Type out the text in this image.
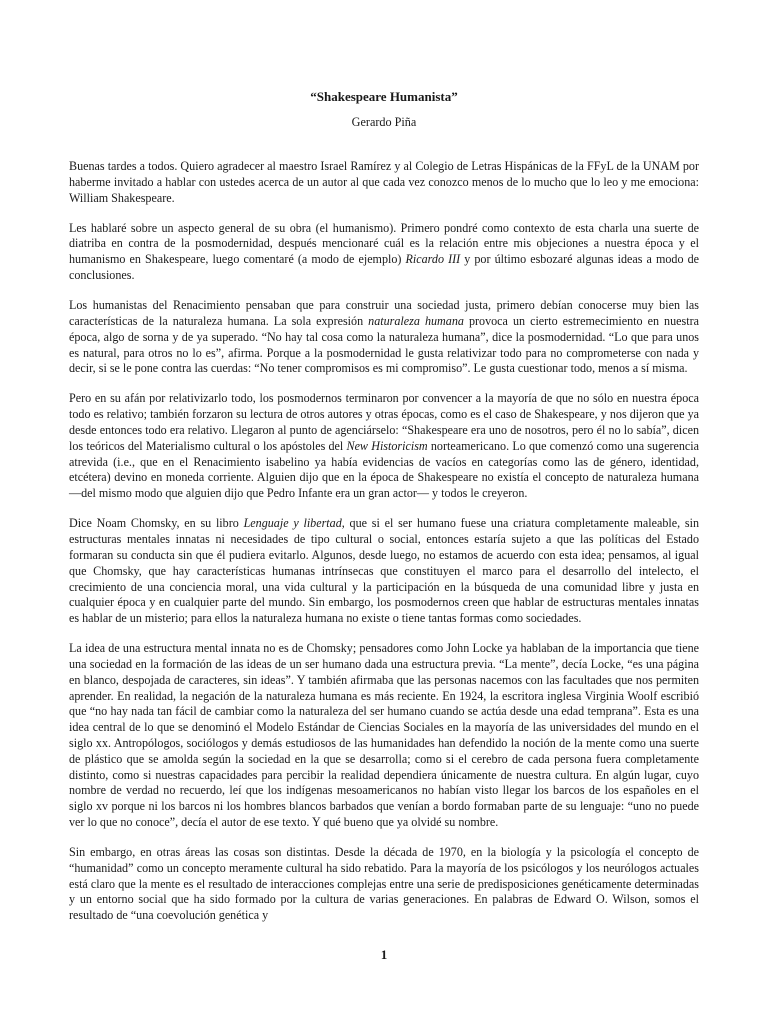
“Shakespeare Humanista”

Gerardo Piña

Buenas tardes a todos. Quiero agradecer al maestro Israel Ramírez y al Colegio de Letras Hispánicas de la FFyL de la UNAM por haberme invitado a hablar con ustedes acerca de un autor al que cada vez conozco menos de lo mucho que lo leo y me emociona: William Shakespeare.

Les hablaré sobre un aspecto general de su obra (el humanismo). Primero pondré como contexto de esta charla una suerte de diatriba en contra de la posmodernidad, después mencionaré cuál es la relación entre mis objeciones a nuestra época y el humanismo en Shakespeare, luego comentaré (a modo de ejemplo) Ricardo III y por último esbozaré algunas ideas a modo de conclusiones.

Los humanistas del Renacimiento pensaban que para construir una sociedad justa, primero debían conocerse muy bien las características de la naturaleza humana. La sola expresión naturaleza humana provoca un cierto estremecimiento en nuestra época, algo de sorna y de ya superado. “No hay tal cosa como la naturaleza humana”, dice la posmodernidad. “Lo que para unos es natural, para otros no lo es”, afirma. Porque a la posmodernidad le gusta relativizar todo para no comprometerse con nada y decir, si se le pone contra las cuerdas: “No tener compromisos es mi compromiso”. Le gusta cuestionar todo, menos a sí misma.

Pero en su afán por relativizarlo todo, los posmodernos terminaron por convencer a la mayoría de que no sólo en nuestra época todo es relativo; también forzaron su lectura de otros autores y otras épocas, como es el caso de Shakespeare, y nos dijeron que ya desde entonces todo era relativo. Llegaron al punto de agenciárselo: “Shakespeare era uno de nosotros, pero él no lo sabía”, dicen los teóricos del Materialismo cultural o los apóstoles del New Historicism norteamericano. Lo que comenzó como una sugerencia atrevida (i.e., que en el Renacimiento isabelino ya había evidencias de vacíos en categorías como las de género, identidad, etcétera) devino en moneda corriente. Alguien dijo que en la época de Shakespeare no existía el concepto de naturaleza humana —del mismo modo que alguien dijo que Pedro Infante era un gran actor— y todos le creyeron.

Dice Noam Chomsky, en su libro Lenguaje y libertad, que si el ser humano fuese una criatura completamente maleable, sin estructuras mentales innatas ni necesidades de tipo cultural o social, entonces estaría sujeto a que las políticas del Estado formaran su conducta sin que él pudiera evitarlo. Algunos, desde luego, no estamos de acuerdo con esta idea; pensamos, al igual que Chomsky, que hay características humanas intrínsecas que constituyen el marco para el desarrollo del intelecto, el crecimiento de una conciencia moral, una vida cultural y la participación en la búsqueda de una comunidad libre y justa en cualquier época y en cualquier parte del mundo. Sin embargo, los posmodernos creen que hablar de estructuras mentales innatas es hablar de un misterio; para ellos la naturaleza humana no existe o tiene tantas formas como sociedades.

La idea de una estructura mental innata no es de Chomsky; pensadores como John Locke ya hablaban de la importancia que tiene una sociedad en la formación de las ideas de un ser humano dada una estructura previa. “La mente”, decía Locke, “es una página en blanco, despojada de caracteres, sin ideas”. Y también afirmaba que las personas nacemos con las facultades que nos permiten aprender. En realidad, la negación de la naturaleza humana es más reciente. En 1924, la escritora inglesa Virginia Woolf escribió que “no hay nada tan fácil de cambiar como la naturaleza del ser humano cuando se actúa desde una edad temprana”. Esta es una idea central de lo que se denominó el Modelo Estándar de Ciencias Sociales en la mayoría de las universidades del mundo en el siglo xx. Antropólogos, sociólogos y demás estudiosos de las humanidades han defendido la noción de la mente como una suerte de plástico que se amolda según la sociedad en la que se desarrolla; como si el cerebro de cada persona fuera completamente distinto, como si nuestras capacidades para percibir la realidad dependiera únicamente de nuestra cultura. En algún lugar, cuyo nombre de verdad no recuerdo, leí que los indígenas mesoamericanos no habían visto llegar los barcos de los españoles en el siglo xv porque ni los barcos ni los hombres blancos barbados que venían a bordo formaban parte de su lenguaje: “uno no puede ver lo que no conoce”, decía el autor de ese texto. Y qué bueno que ya olvidé su nombre.

Sin embargo, en otras áreas las cosas son distintas. Desde la década de 1970, en la biología y la psicología el concepto de “humanidad” como un concepto meramente cultural ha sido rebatido. Para la mayoría de los psicólogos y los neurólogos actuales está claro que la mente es el resultado de interacciones complejas entre una serie de predisposiciones genéticamente determinadas y un entorno social que ha sido formado por la cultura de varias generaciones. En palabras de Edward O. Wilson, somos el resultado de “una coevolución genética y

1
